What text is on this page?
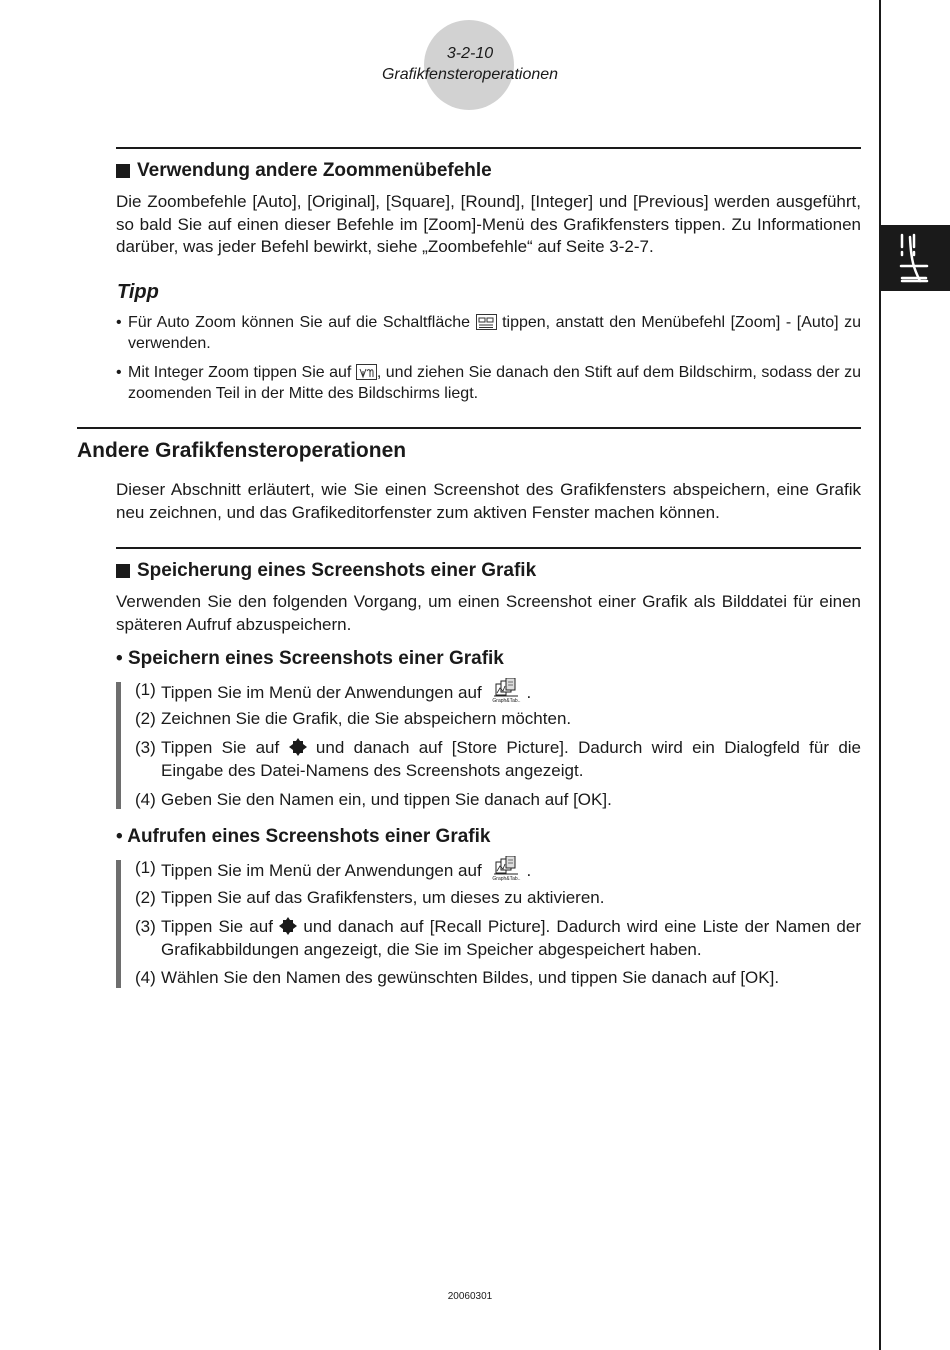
3-2-10
Grafikfensteroperationen
Verwendung andere Zoommenübefehle
Die Zoombefehle [Auto], [Original], [Square], [Round], [Integer] und [Previous] werden ausgeführt, so bald Sie auf einen dieser Befehle im [Zoom]-Menü des Grafikfensters tippen. Zu Informationen darüber, was jeder Befehl bewirkt, siehe „Zoombefehle“ auf Seite 3-2-7.
Tipp
• Für Auto Zoom können Sie auf die Schaltfläche tippen, anstatt den Menübefehl [Zoom] - [Auto] zu verwenden.
• Mit Integer Zoom tippen Sie auf , und ziehen Sie danach den Stift auf dem Bildschirm, sodass der zu zoomenden Teil in der Mitte des Bildschirms liegt.
Andere Grafikfensteroperationen
Dieser Abschnitt erläutert, wie Sie einen Screenshot des Grafikfensters abspeichern, eine Grafik neu zeichnen, und das Grafikeditorfenster zum aktiven Fenster machen können.
Speicherung eines Screenshots einer Grafik
Verwenden Sie den folgenden Vorgang, um einen Screenshot einer Grafik als Bilddatei für einen späteren Aufruf abzuspeichern.
• Speichern eines Screenshots einer Grafik
(1) Tippen Sie im Menü der Anwendungen auf	Graph&Tab.. .
(2) Zeichnen Sie die Grafik, die Sie abspeichern möchten.
(3) Tippen Sie auf und danach auf [Store Picture]. Dadurch wird ein Dialogfeld für die Eingabe des Datei-Namens des Screenshots angezeigt.
(4) Geben Sie den Namen ein, und tippen Sie danach auf [OK].
• Aufrufen eines Screenshots einer Grafik
(1) Tippen Sie im Menü der Anwendungen auf	Graph&Tab.. .
(2) Tippen Sie auf das Grafikfensters, um dieses zu aktivieren.
(3) Tippen Sie auf und danach auf [Recall Picture]. Dadurch wird eine Liste der Namen der Grafikabbildungen angezeigt, die Sie im Speicher abgespeichert haben.
(4) Wählen Sie den Namen des gewünschten Bildes, und tippen Sie danach auf [OK].
20060301
